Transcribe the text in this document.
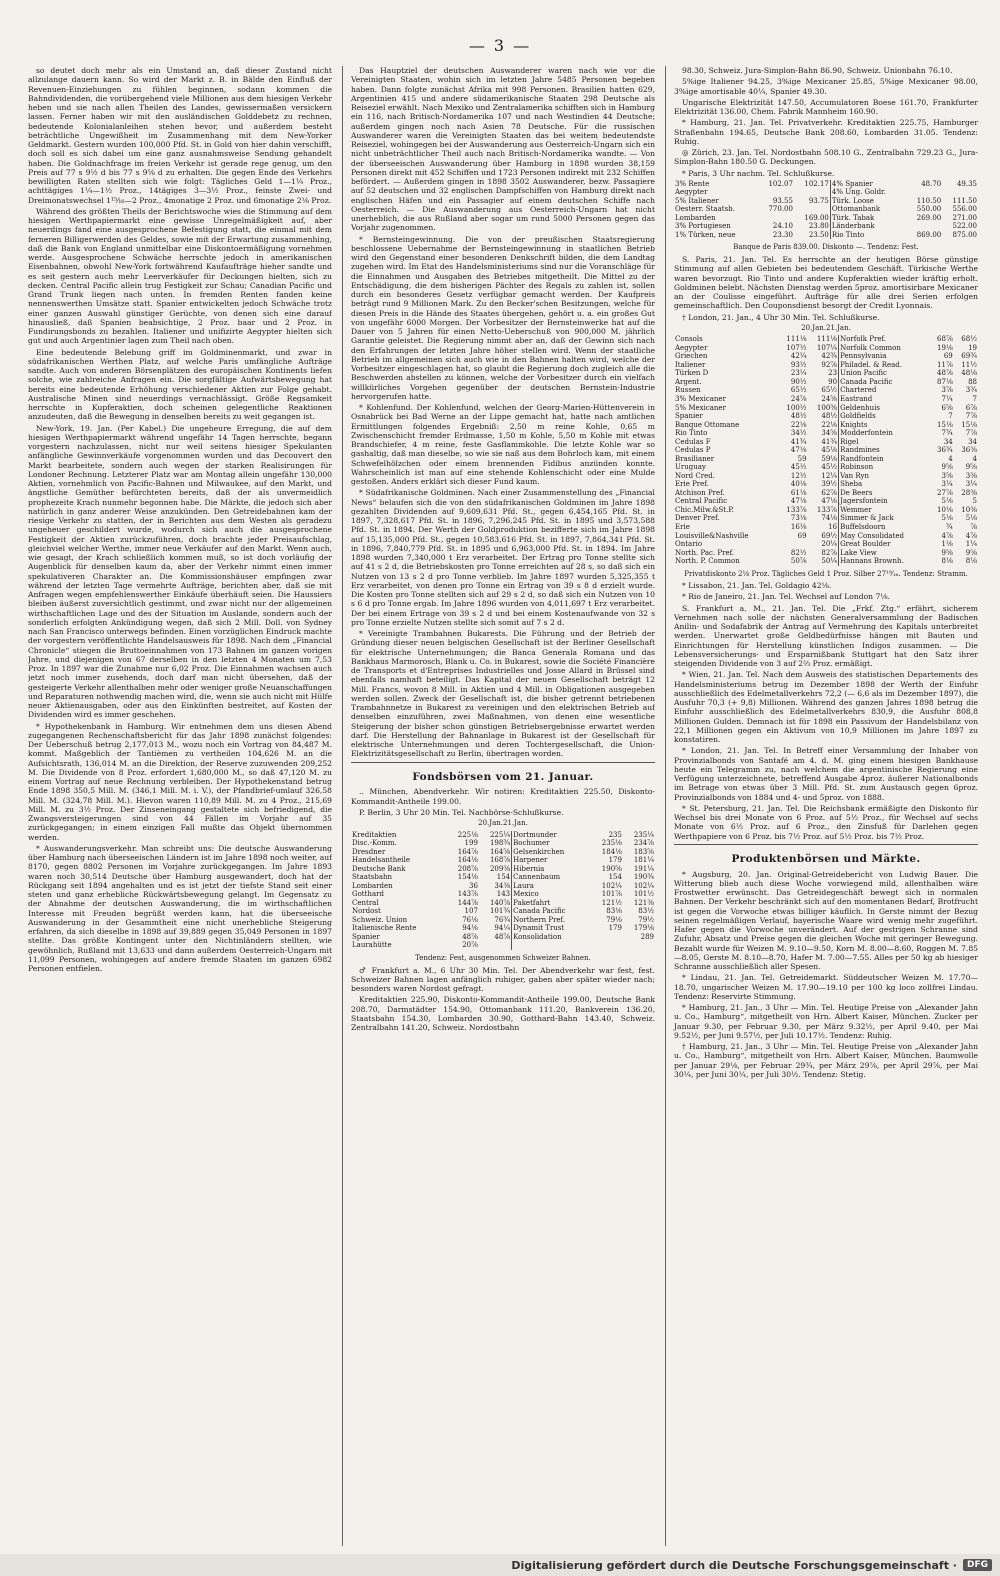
— 3 —

so deutet doch mehr als ein Umstand an, daß dieser Zustand nicht allzulange dauern kann. So wird der Markt z. B. in Bälde den Einfluß der Revenuen-Einziehungen zu fühlen beginnen, sodann kommen die Bahndividenden, die vorübergehend viele Millionen aus dem hiesigen Verkehr heben und sie nach allen Theilen des Landes, gewissermaßen versickern lassen. Ferner haben wir mit den ausländischen Golddebetz zu rechnen, bedeutende Kolonialanleihen stehen bevor, und außerdem besteht beträchtliche Ungewißheit im Zusammenhang mit dem New-Yorker Geldmarkt. Gestern wurden 100,000 Pfd. St. in Gold von hier dahin verschifft, doch soll es sich dabei um eine ganz ausnahmsweise Sendung gehandelt haben. Die Goldnachfrage im freien Verkehr ist gerade rege genug, um den Preis auf 77 s 9½ d bis 77 s 9⅝ d zu erhalten. Die gegen Ende des Verkehrs bewilligten Raten stellten sich wie folgt: Tägliches Geld 1—1¼ Proz., achttägiges 1¼—1½ Proz., 14tägiges 3—3½ Proz., feinste Zwei- und Dreimonatswechsel 1¹⁵⁄₁₆—2 Proz., 4monatige 2 Proz. und 6monatige 2⅛ Proz.

Während des größten Theils der Berichtswoche wies die Stimmung auf dem hiesigen Werthpapiermarkt eine gewisse Unregelmäßigkeit auf, aber neuerdings fand eine ausgesprochene Befestigung statt, die einmal mit dem ferneren Billigerwerden des Geldes, sowie mit der Erwartung zusammenhing, daß die Bank von England unmittelbar eine Diskontoermäßigung vornehmen werde. Ausgesprochene Schwäche herrschte jedoch in amerikanischen Eisenbahnen, obwohl New-York fortwährend Kaufaufträge hieher sandte und es seit gestern auch mehr Leerverkäufer für Deckungen hielten, sich zu decken. Central Pacific allein trug Festigkeit zur Schau; Canadian Pacific und Grand Trunk liegen nach unten. In fremden Renten fanden keine nennenswerthen Umsätze statt. Spanier entwickelten jedoch Schwäche trotz einer ganzen Auswahl günstiger Gerüchte, von denen sich eine darauf hinausließ, daß Spanien beabsichtige, 2 Proz. baar und 2 Proz. in Fundirungsbonds zu bezahlen. Italiener und unifizirte Aegypter hielten sich gut und auch Argentinier lagen zum Theil nach oben.

Eine bedeutende Belebung griff im Goldminenmarkt, und zwar in südafrikanischen Werthen Platz, auf welche Paris umfängliche Aufträge sandte. Auch von anderen Börsenplätzen des europäischen Kontinents liefen solche, wie zahlreiche Anfragen ein. Die sorgfältige Aufwärtsbewegung hat bereits eine bedeutende Erhöhung verschiedener Aktien zur Folge gehabt. Australische Minen sind neuerdings vernachlässigt. Größe Regsamkeit herrschte in Kupferaktien, doch scheinen gelegentliche Reaktionen anzudeuten, daß die Bewegung in denselben bereits zu weit gegangen ist.

New-York, 19. Jan. (Per Kabel.) Die ungeheure Erregung, die auf dem hiesigen Werthpapiermarkt während ungefähr 14 Tagen herrschte, begann vorgestern nachzulassen, nicht nur weil seitens hiesiger Spekulanten anfängliche Gewinnverkäufe vorgenommen wurden und das Decouvert den Markt bearbeitete, sondern auch wegen der starken Realisirungen für Londoner Rechnung. Letzterer Platz war am Montag allein ungefähr 130,000 Aktien, vornehmlich von Pacific-Bahnen und Milwaukee, auf den Markt, und ängstliche Gemüther befürchteten bereits, daß der als unvermeidlich prophezeite Krach nunmehr begonnen habe. Die Märkte, die jedoch sich aber natürlich in ganz anderer Weise anzukünden. Den Getreidebahnen kam der riesige Verkehr zu statten, der in Berichten aus dem Westen als geradezu ungeheuer geschildert wurde, wodurch sich auch die ausgesprochene Festigkeit der Aktien zurückzuführen, doch brachte jeder Preisaufschlag, gleichviel welcher Werthe, immer neue Verkäufer auf den Markt. Wenn auch, wie gesagt, der Krach schließlich kommen muß, so ist doch vorläufig der Augenblick für denselben kaum da, aber der Verkehr nimmt einen immer spekulativeren Charakter an. Die Kommissionshäuser empfingen zwar während der letzten Tage vermehrte Aufträge, berichten aber, daß sie mit Anfragen wegen empfehlenswerther Einkäufe überhäuft seien. Die Haussiers bleiben äußerst zuversichtlich gestimmt, und zwar nicht nur der allgemeinen wirthschaftlichen Lage und des der Situation im Auslande, sondern auch der sonderlich erfolgten Ankündigung wegen, daß sich 2 Mill. Doll. von Sydney nach San Francisco unterwegs befinden. Einen vorzüglichen Eindruck machte der vorgestern veröffentlichte Handelsausweis für 1898. Nach dem „Financial Chronicle“ stiegen die Bruttoeinnahmen von 173 Bahnen im ganzen vorigen Jahre, und diejenigen von 67 derselben in den letzten 4 Monaten um 7,53 Proz. In 1897 war die Zunahme nur 6,02 Proz. Die Einnahmen wachsen auch jetzt noch immer zusehends, doch darf man nicht übersehen, daß der gesteigerte Verkehr allenthalben mehr oder weniger große Neuanschaffungen und Reparaturen nothwendig machen wird, die, wenn sie auch nicht mit Hülfe neuer Aktienausgaben, oder aus den Einkünften bestreitet, auf Kosten der Dividenden wird es immer geschehen.

* Hypothekenbank in Hamburg. Wir entnehmen dem uns diesen Abend zugegangenen Rechenschaftsbericht für das Jahr 1898 zunächst folgendes: Der Ueberschuß betrug 2,177,013 M., wozu noch ein Vortrag von 84,487 M. kommt. Maßgeblich der Tantièmen zu vertheilen 104,626 M. an die Aufsichtsrath, 136,014 M. an die Direktion, der Reserve zuzuwenden 209,252 M. Die Dividende von 8 Proz. erfordert 1,680,000 M., so daß 47,120 M. zu einem Vortrag auf neue Rechnung verbleiben. Der Hypothekenstand betrug Ende 1898 350,5 Mill. M. (346,1 Mill. M. i. V.), der Pfandbrief-umlauf 326,58 Mill. M. (324,78 Mill. M.). Hievon waren 110,89 Mill. M. zu 4 Proz., 215,69 Mill. M. zu 3½ Proz. Der Zinseneingang gestaltete sich befriedigend, die Zwangsversteigerungen sind von 44 Fällen im Vorjahr auf 35 zurückgegangen; in einem einzigen Fall mußte das Objekt übernommen werden.

* Auswanderungsverkehr. Man schreibt uns: Die deutsche Auswanderung über Hamburg nach überseeischen Ländern ist im Jahre 1898 noch weiter, auf 8170, gegen 8802 Personen im Vorjahre zurückgegangen. Im Jahre 1893 waren noch 30,514 Deutsche über Hamburg ausgewandert, doch hat der Rückgang seit 1894 angehalten und es ist jetzt der tiefste Stand seit einer steten und ganz erhebliche Rückwärtsbewegung gelangt. Im Gegensatz zu der Abnahme der deutschen Auswanderung, die im wirthschaftlichen Interesse mit Freuden begrüßt werden kann, hat die überseeische Auswanderung in der Gesammtheit eine nicht unerhebliche Steigerung erfahren, da sich dieselbe in 1898 auf 39,889 gegen 35,049 Personen in 1897 stellte. Das größte Kontingent unter den Nichtinländern stellten, wie gewöhnlich, Rußland mit 13,633 und dann außerdem Oesterreich-Ungarn mit 11,099 Personen, wohingegen auf andere fremde Staaten im ganzen 6982 Personen entfielen.

Das Hauptziel der deutschen Auswanderer waren nach wie vor die Vereinigten Staaten, wohin sich im letzten Jahre 5485 Personen begeben haben. Dann folgte zunächst Afrika mit 998 Personen. Brasilien hatten 629, Argentinien 415 und andere südamerikanische Staaten 298 Deutsche als Reiseziel erwählt. Nach Mexiko und Zentralamerika schifften sich in Hamburg ein 116, nach Britisch-Nordamerika 107 und nach Westindien 44 Deutsche; außerdem gingen noch nach Asien 78 Deutsche. Für die russischen Auswanderer waren die Vereinigten Staaten das bei weitem bedeutendste Reiseziel, wohingegen bei der Auswanderung aus Oesterreich-Ungarn sich ein nicht unbeträchtlicher Theil auch nach Britisch-Nordamerika wandte. — Von der überseeischen Auswanderung über Hamburg in 1898 wurden 38,159 Personen direkt mit 452 Schiffen und 1723 Personen indirekt mit 232 Schiffen befördert. — Außerdem gingen in 1898 3502 Auswanderer, bezw. Passagiere auf 52 deutschen und 32 englischen Dampfschiffen von Hamburg direkt nach englischen Häfen und ein Passagier auf einem deutschen Schiffe nach Oesterreich. — Die Auswanderung aus Oesterreich-Ungarn hat nicht unerheblich, die aus Rußland aber sogar um rund 5000 Personen gegen das Vorjahr zugenommen.

* Bernsteingewinnung. Die von der preußischen Staatsregierung beschlossene Uebernahme der Bernsteingewinnung in staatlichen Betrieb wird den Gegenstand einer besonderen Denkschrift bilden, die dem Landtag zugehen wird. Im Etat des Handelsministeriums sind nur die Voranschläge für die Einnahmen und Ausgaben des Betriebes mitgetheilt. Die Mittel zu der Entschädigung, die dem bisherigen Pächter des Regals zu zahlen ist, sollen durch ein besonderes Gesetz verfügbar gemacht werden. Der Kaufpreis beträgt rund 9 Millionen Mark. Zu den Becker'schen Besitzungen, welche für diesen Preis in die Hände des Staates übergehen, gehört u. a. ein großes Gut von ungefähr 6000 Morgen. Der Vorbesitzer der Bernsteinwerke hat auf die Dauer von 5 Jahren für einen Netto-Ueberschuß von 900,000 M. jährlich Garantie geleistet. Die Regierung nimmt aber an, daß der Gewinn sich nach den Erfahrungen der letzten Jahre höher stellen wird. Wenn der staatliche Betrieb im allgemeinen sich auch wie in den Bahnen halten wird, welche der Vorbesitzer eingeschlagen hat, so glaubt die Regierung doch zugleich alle die Beschwerden abstellen zu können, welche der Vorbesitzer durch ein vielfach willkürliches Vorgehen gegenüber der deutschen Bernstein-Industrie hervorgerufen hatte.

* Kohlenfund. Der Kohlenfund, welchen der Georg-Marien-Hüttenverein in Osnabrück bei Bad Werne an der Lippe gemacht hat, hatte nach amtlichen Ermittlungen folgendes Ergebniß: 2,50 m reine Kohle, 0,65 m Zwischenschicht fremder Erdmasse, 1,50 m Kohle, 5,50 m Kohle mit etwas Brandschiefer, 4 m reine, feste Gasflammkohle. Die letzte Kohle war so gashaltig, daß man dieselbe, so wie sie naß aus dem Bohrloch kam, mit einem Schwefelhölzchen oder einem brennenden Fidibus anzünden konnte. Wahrscheinlich ist man auf eine stehende Kohlenschicht oder eine Mulde gestoßen. Anders erklärt sich dieser Fund kaum.

* Südafrikanische Goldminen. Nach einer Zusammenstellung des „Financial News“ belaufen sich die von den südafrikanischen Goldminen im Jahre 1898 gezahlten Dividenden auf 9,609,631 Pfd. St., gegen 6,454,165 Pfd. St. in 1897, 7,328,617 Pfd. St. in 1896, 7,296,245 Pfd. St. in 1895 und 3,573,588 Pfd. St. in 1894. Der Werth der Goldproduktion bezifferte sich im Jahre 1898 auf 15,135,000 Pfd. St., gegen 10,583,616 Pfd. St. in 1897, 7,864,341 Pfd. St. in 1896, 7,840,779 Pfd. St. in 1895 und 6,963,000 Pfd. St. in 1894. Im Jahre 1898 wurden 7,340,000 t Erz verarbeitet. Der Ertrag pro Tonne stellte sich auf 41 s 2 d, die Betriebskosten pro Tonne erreichten auf 28 s, so daß sich ein Nutzen von 13 s 2 d pro Tonne verblieb. Im Jahre 1897 wurden 5,325,355 t Erz verarbeitet, von denen pro Tonne ein Ertrag von 39 s 8 d erzielt wurde. Die Kosten pro Tonne stellten sich auf 29 s 2 d, so daß sich ein Nutzen von 10 s 6 d pro Tonne ergab. Im Jahre 1896 wurden von 4,011,697 t Erz verarbeitet. Der bei einem Ertrage von 39 s 2 d und bei einem Kostenaufwande von 32 s pro Tonne erzielte Nutzen stellte sich somit auf 7 s 2 d.

* Vereinigte Trambahnen Bukarests. Die Führung und der Betrieb der Gründung dieser neuen belgischen Gesellschaft ist der Berliner Gesellschaft für elektrische Unternehmungen; die Banca Generala Romana und das Bankhaus Marmorosch, Blank u. Co. in Bukarest, sowie die Société Financière de Transports et d'Entreprises Industrielles und Josse Allard in Brüssel sind ebenfalls namhaft beteiligt. Das Kapital der neuen Gesellschaft beträgt 12 Mill. Francs, wovon 8 Mill. in Aktien und 4 Mill. in Obligationen ausgegeben werden sollen. Zweck der Gesellschaft ist, die bisher getrennt betriebenen Trambahnnetze in Bukarest zu vereinigen und den elektrischen Betrieb auf denselben einzuführen, zwei Maßnahmen, von denen eine wesentliche Steigerung der bisher schon günstigen Betriebsergebnisse erwartet werden darf. Die Herstellung der Bahnanlage in Bukarest ist der Gesellschaft für elektrische Unternehmungen und deren Tochtergesellschaft, die Union-Elektrizitätsgesellschaft zu Berlin, übertragen worden.

Fondsbörsen vom 21. Januar.

‥ München, Abendverkehr. Wir notiren: Kreditaktien 225.50, Diskonto-Kommandit-Antheile 199.00.

P. Berlin, 3 Uhr 20 Min. Tel. Nachbörse-Schlußkurse.

20.Jan.21.Jan.
Kreditaktien	225⅛	225¼	Dortmunder	235	235¼
Disc.-Komm.	199	198¾	Bochumer	235⅛	234⅞
Dresdner	164⅞	164⅝	Gelsenkirchen	184⅛	183⅝
Handelsantheile	164⅛	168⅞	Harpener	179	181¼
Deutsche Bank	208⅞	209⅜	Hibernia	190⅝	191¼
Staatsbahn	154⅛	154	Cannenbaum	154	190¾
Lombarden	36	34⅜	Laura	102¼	102¼
Gotthard	143⅞	143	Mexico	101⅞	101½
Central	144⅞	140⅞	Paketfahrt	121½	121⅜
Nordost	107	101¾	Canada Pacific	83⅛	83½
Schweiz. Union	76⅛	76¾	Northern Pref.	79⅛	79½
Italienische Rente	94⅛	94¼	Dynamit Trust	179	179⅛
Spanier	48⅞	48⅞	Konsolidation		289
Laurahütte	20⅞				
Tendenz: Fest, ausgenommen Schweizer Bahnen.

♂ Frankfurt a. M., 6 Uhr 30 Min. Tel. Der Abendverkehr war fest, fest. Schweizer Bahnen lagen anfänglich ruhiger, gaben aber später wieder nach; besonders waren Nordost gefragt.

Kreditaktien 225.90, Diskonto-Kommandit-Antheile 199.00, Deutsche Bank 208.70, Darmstädter 154.90, Ottomanbank 111.20, Bankverein 136.20, Staatsbahn 154.30, Lombarden 30.90, Gotthard-Bahn 143.40, Schweiz. Zentralbahn 141.20, Schweiz. Nordostbahn

98.30, Schweiz. Jura-Simplon-Bahn 86.90, Schweiz. Unionbahn 76.10.

5%ige Italiener 94.25, 3%ige Mexicaner 25.85, 5%ige Mexicaner 98.00, 3%ige amortisable 40¼, Spanier 49.30.

Ungarische Elektrizität 147.50, Accumulatoren Boese 161.70, Frankfurter Elektrizität 136.00, Chem. Fabrik Mannheim 160.90.

* Hamburg, 21. Jan. Tel. Privatverkehr. Kreditaktien 225.75, Hamburger Straßenbahn 194.65, Deutsche Bank 208.60, Lombarden 31.05. Tendenz: Ruhig.

◎ Zürich, 23. Jan. Tel. Nordostbahn 508.10 G., Zentralbahn 729.23 G., Jura-Simplon-Bahn 180.50 G. Deckungen.

* Paris, 3 Uhr nachm. Tel. Schlußkurse.

3% Rente	102.07	102.17	4% Spanier	48.70	49.35
Aegypter			4% Ung. Goldr.		
5% Italiener	93.55	93.75	Türk. Loose	110.50	111.50
Oesterr. Staatsb.	770.00		Ottomanbank	550.00	556.00
Lombarden		169.00	Türk. Tabak	269.00	271.00
3% Portugiesen	24.10	23.80	Länderbank		522.00
1% Türken, neue	23.30	23.50	Rio Tinto	869.00	875.00
Banque de Paris 839.00. Diskonto —. Tendenz: Fest.

S. Paris, 21. Jan. Tel. Es herrschte an der heutigen Börse günstige Stimmung auf allen Gebieten bei bedeutendem Geschäft. Türkische Werthe waren bevorzugt. Rio Tinto und andere Kupferaktien wieder kräftig erholt. Goldminen belebt. Nächsten Dienstag werden 5proz. amortisirbare Mexicaner an der Coulisse eingeführt. Aufträge für alle drei Serien erfolgen gemeinschaftlich. Den Couponsdienst besorgt der Credit Lyonnais.

† London, 21. Jan., 4 Uhr 30 Min. Tel. Schlußkurse.

20.Jan.21.Jan.
Consols	111⅛	111⅛	Norfolk Pref.	68⅞	68½
Aegypter	107½	107¼	Norfolk Common	19⅛	19
Griechen	42¼	42¾	Pennsylvania	69	69¾
Italiener	93½	92⅞	Philadel. & Read.	11⅞	11½
Türken D	23¼	23	Union Pacific	48⅞	48⅛
Argent.	90½	90	Canada Pacific	87⅛	88
Russen	65½	65½	Chartered	3⅞	3¾
3% Mexicaner	24⅞	24⅝	Eastrand	7¼	7
5% Mexicaner	100½	100⅜	Geldenhuis	6⅝	6⅞
Spanier	48½	48½	Goldfields	7	7⅞
Banque Ottomane	22⅛	22⅛	Knights	15⅛	15⅛
Rio Tinto	34½	34⅝	Modderfontein	7¾	7⅞
Cedulas F	41¾	41¾	Rigel	34	34
Cedulas P	47⅛	45⅛	Randmines	36¾	36⅜
Brasilianer	59	59⅛	Randfontein	4	4
Uruguay	45½	45½	Robinson	9⅝	9⅝
Nord Cred.	12½	12¼	Van Ryn	3⅝	3⅜
Erie Pref.	40⅛	39½	Sheba	3¼	3¼
Atchison Pref.	61⅛	62⅞	De Beers	27⅞	28⅜
Central Pacific	47⅛	47⅛	Jagersfontein	5⅛	5
Chic.Milw.&St.P.	133⅞	133⅞	Wemmer	10⅛	10⅜
Denver Pref.	73⅛	74⅛	Simmer & Jack	5⅛	5⅛
Erie	16⅛	16	Buffelsdoorn	¾	⅞
Louisville&Nashville	69	69½	May Consolidated	4⅞	4⅞
Ontario		20¼	Great Boulder	1⅛	1¼
North. Pac. Pref.	82½	82⅞	Lake View	9⅝	9⅝
North. P. Common	50⅞	50¼	Hannans Brownh.	8⅛	8⅛
Privatdiskonto 2⅛ Proz. Tägliches Geld 1 Proz. Silber 27¹⁹⁄₁₆. Tendenz: Stramm.

* Lissabon, 21. Jan. Tel. Goldagio 42⅛.

* Rio de Janeiro, 21. Jan. Tel. Wechsel auf London 7⅛.

S. Frankfurt a. M., 21. Jan. Tel. Die „Frkf. Ztg.“ erfährt, sicherem Vernehmen nach solle der nächsten Generalversammlung der Badischen Anilin- und Sodafabrik der Antrag auf Vermehrung des Kapitals unterbreitet werden. Unerwartet große Geldbedürfnisse hängen mit Bauten und Einrichtungen für Herstellung künstlichen Indigos zusammen. — Die Lebensversicherungs- und Ersparnißbank Stuttgart hat den Satz ihrer steigenden Dividende von 3 auf 2⅔ Proz. ermäßigt.

* Wien, 21. Jan. Tel. Nach dem Ausweis des statistischen Departements des Handelsministeriums betrug im Dezember 1898 der Werth der Einfuhr ausschließlich des Edelmetallverkehrs 72,2 (— 6,6 als im Dezember 1897), die Ausfuhr 70,3 (+ 9,8) Millionen. Während des ganzen Jahres 1898 betrug die Einfuhr ausschließlich des Edelmetallverkehrs 830,9, die Ausfuhr 808,8 Millionen Gulden. Demnach ist für 1898 ein Passivum der Handelsbilanz von 22,1 Millionen gegen ein Aktivum von 10,9 Millionen im Jahre 1897 zu konstatiren.

* London, 21. Jan. Tel. In Betreff einer Versammlung der Inhaber von Provinzialbonds von Santafé am 4. d. M. ging einem hiesigen Bankhause heute ein Telegramm zu, nach welchem die argentinische Regierung eine Verfügung unterzeichnete, betreffend Ausgabe 4proz. äußerer Nationalbonds im Betrage von etwas über 3 Mill. Pfd. St. zum Austausch gegen 6proz. Provinzialbonds von 1884 und 4- und 5proz. von 1888.

* St. Petersburg, 21. Jan. Tel. Die Reichsbank ermäßigte den Diskonto für Wechsel bis drei Monate von 6 Proz. auf 5½ Proz., für Wechsel auf sechs Monate von 6½ Proz. auf 6 Proz., den Zinsfuß für Darlehen gegen Werthpapiere von 6 Proz. bis 7½ Proz. auf 5½ Proz. bis 7½ Proz.

Produktenbörsen und Märkte.

* Augsburg, 20. Jan. Original-Getreidebericht von Ludwig Bauer. Die Witterung blieb auch diese Woche vorwiegend mild, allenthalben wäre Frostwetter erwünscht. Das Getreidegeschäft bewegt sich in normalen Bahnen. Der Verkehr beschränkt sich auf den momentanen Bedarf, Brotfrucht ist gegen die Vorwoche etwas billiger käuflich. In Gerste nimmt der Bezug seinen regelmäßigen Verlauf, bayerische Waare wird wenig mehr zugeführt. Hafer gegen die Vorwoche unverändert. Auf der gestrigen Schranne sind Zufuhr, Absatz und Preise gegen die gleichen Woche mit geringer Bewegung. Bezahlt wurde für Weizen M. 9.10—9.50, Korn M. 8.00—8.60, Roggen M. 7.85—8.05, Gerste M. 8.10—8.70, Hafer M. 7.00—7.55. Alles per 50 kg ab hiesiger Schranne ausschließlich aller Spesen.

* Lindau, 21. Jan. Tel. Getreidemarkt. Süddeutscher Weizen M. 17.70—18.70, ungarischer Weizen M. 17.90—19.10 per 100 kg loco zollfrei Lindau. Tendenz: Reservirte Stimmung.

* Hamburg, 21. Jan., 3 Uhr — Min. Tel. Heutige Preise von „Alexander Jahn u. Co., Hamburg“, mitgetheilt von Hrn. Albert Kaiser, München. Zucker per Januar 9.30, per Februar 9.30, per März 9.32½, per April 9.40, per Mai 9.52½, per Juni 9.57½, per Juli 10.17½. Tendenz: Ruhig.

† Hamburg, 21. Jan., 3 Uhr — Min. Tel. Heutige Preise von „Alexander Jahn u. Co., Hamburg“, mitgetheilt von Hrn. Albert Kaiser, München. Baumwolle per Januar 29⅛, per Februar 29¾, per März 29⅞, per April 29⅞, per Mai 30¼, per Juni 30¼, per Juli 30½. Tendenz: Stetig.

Digitalisierung gefördert durch die Deutsche Forschungsgemeinschaft ·	DFG
